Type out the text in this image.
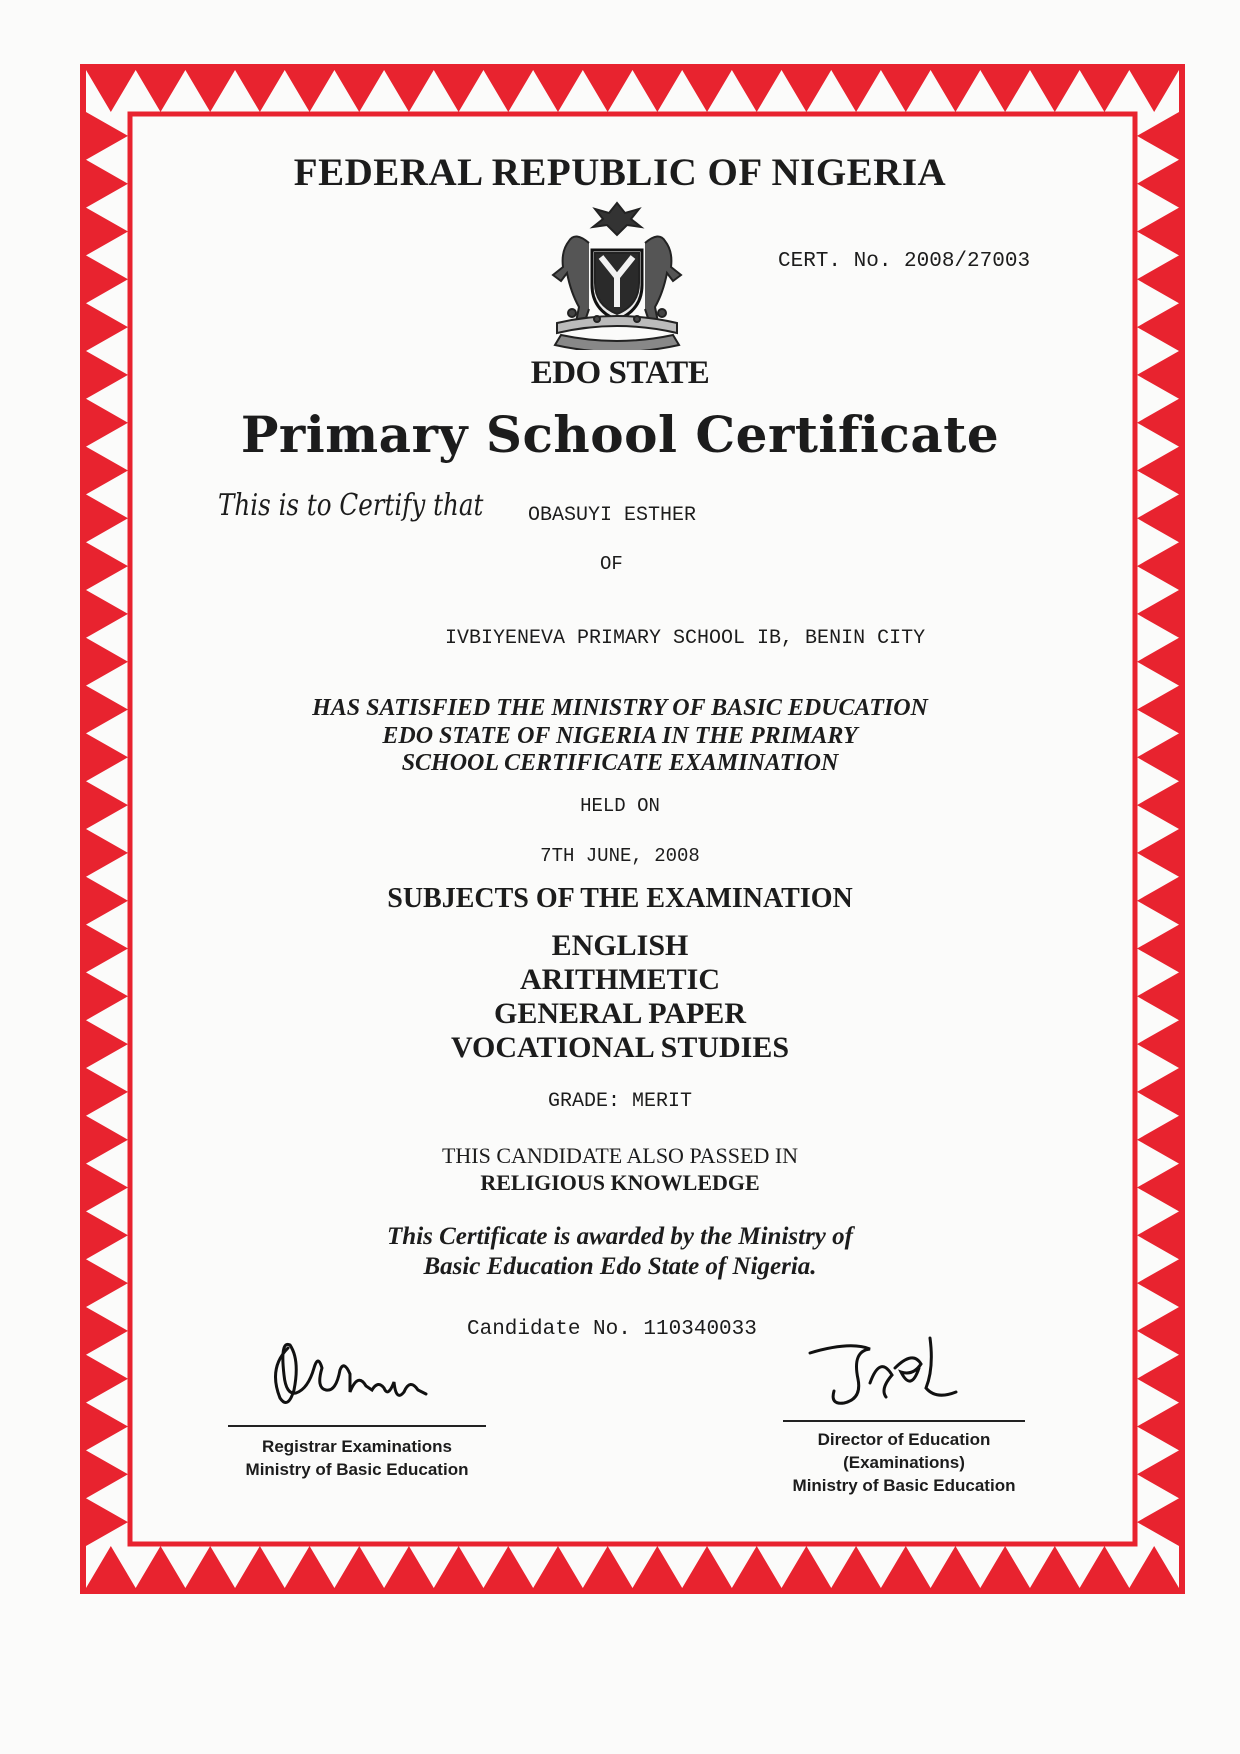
FEDERAL REPUBLIC OF NIGERIA
CERT. No. 2008/27003
EDO STATE
Primary School Certificate
This is to Certify that OBASUYI ESTHER
OF
IVBIYENEVA PRIMARY SCHOOL IB, BENIN CITY
HAS SATISFIED THE MINISTRY OF BASIC EDUCATION
EDO STATE OF NIGERIA IN THE PRIMARY
SCHOOL CERTIFICATE EXAMINATION
HELD ON
7TH JUNE, 2008
SUBJECTS OF THE EXAMINATION
ENGLISH
ARITHMETIC
GENERAL PAPER
VOCATIONAL STUDIES
GRADE: MERIT
THIS CANDIDATE ALSO PASSED IN
RELIGIOUS KNOWLEDGE
This Certificate is awarded by the Ministry of
Basic Education Edo State of Nigeria.
Candidate No. 110340033
Registrar Examinations
Ministry of Basic Education
Director of Education
(Examinations)
Ministry of Basic Education
